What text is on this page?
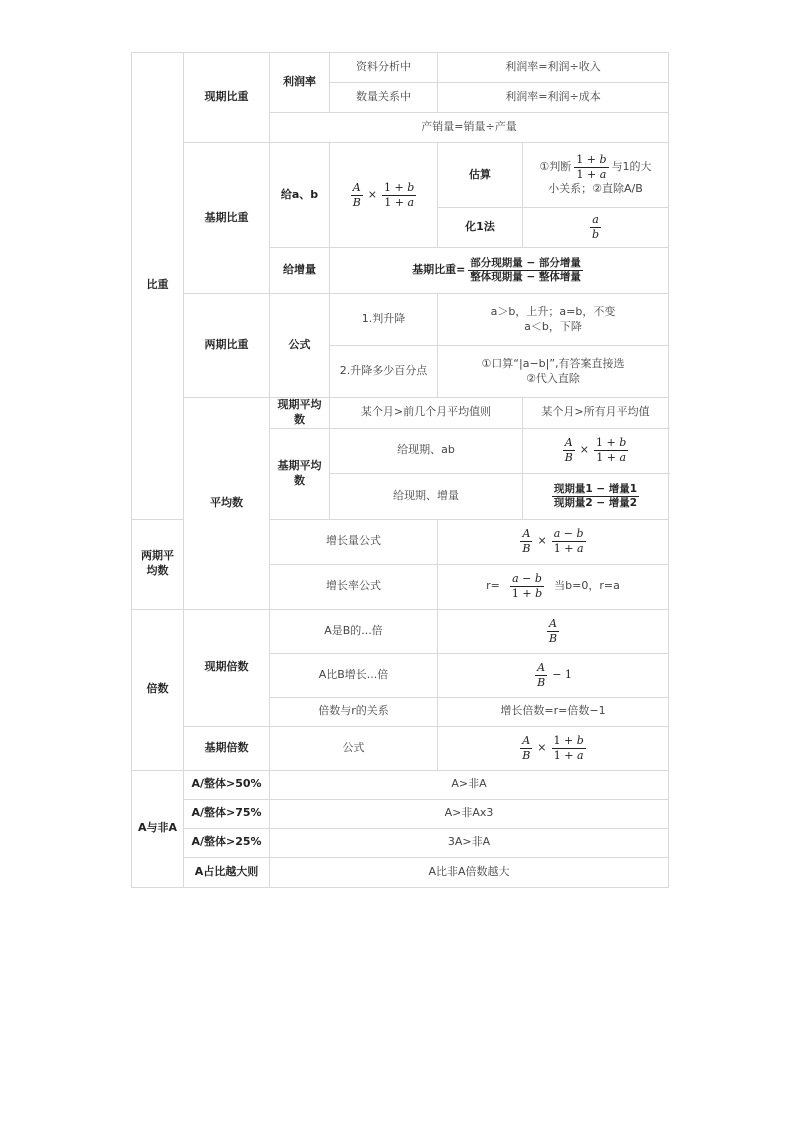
比重	现期比重	利润率	资料分析中	利润率=利润÷收入	
			数量关系中	利润率=利润÷成本	
		产销量=销量÷产量			
	基期比重	给a、b	$\frac{A}{B} \times \frac{1 + b}{1 + a}$	估算	①判断 $\frac{1 + b}{1 + a}$ 与1的大
小关系；②直除A/B

				化1法	$\frac{a}{b}$

		给增量	基期比重= $\frac{\text{部分现期量 − 部分增量}}{\text{整体现期量 − 整体增量}}$

	两期比重	公式	1.判升降	a＞b，上升；a=b，不变
a＜b，下降	

			2.升降多少百分点	①口算“|a−b|”,有答案直接选
②代入直除	

	平均数	现期平均数	某个月>前几个月平均值则		某个月>所有月平均值
		基期平均数	给现期、ab		$\frac{A}{B} \times \frac{1 + b}{1 + a}$

			给现期、增量		$\frac{\text{现期量1 − 增量1}}{\text{现期量2 − 增量2}}$

两期平均数		增长量公式		$\frac{A}{B} \times \frac{a - b}{1 + a}$

		增长率公式		$r= \frac{a - b}{1 + b}$ 当b=0，r=a	
倍数	现期倍数	A是B的...倍		$\frac{A}{B}$

		A比B增长...倍		$\frac{A}{B} - 1$	
		倍数与r的关系		增长倍数=r=倍数−1	
	基期倍数	公式		$\frac{A}{B} \times \frac{1 + b}{1 + a}$

A与非A	A/整体>50%	A>非A			
	A/整体>75%	A>非Ax3			
	A/整体>25%	3A>非A			
	A占比越大则	A比非A倍数越大			
